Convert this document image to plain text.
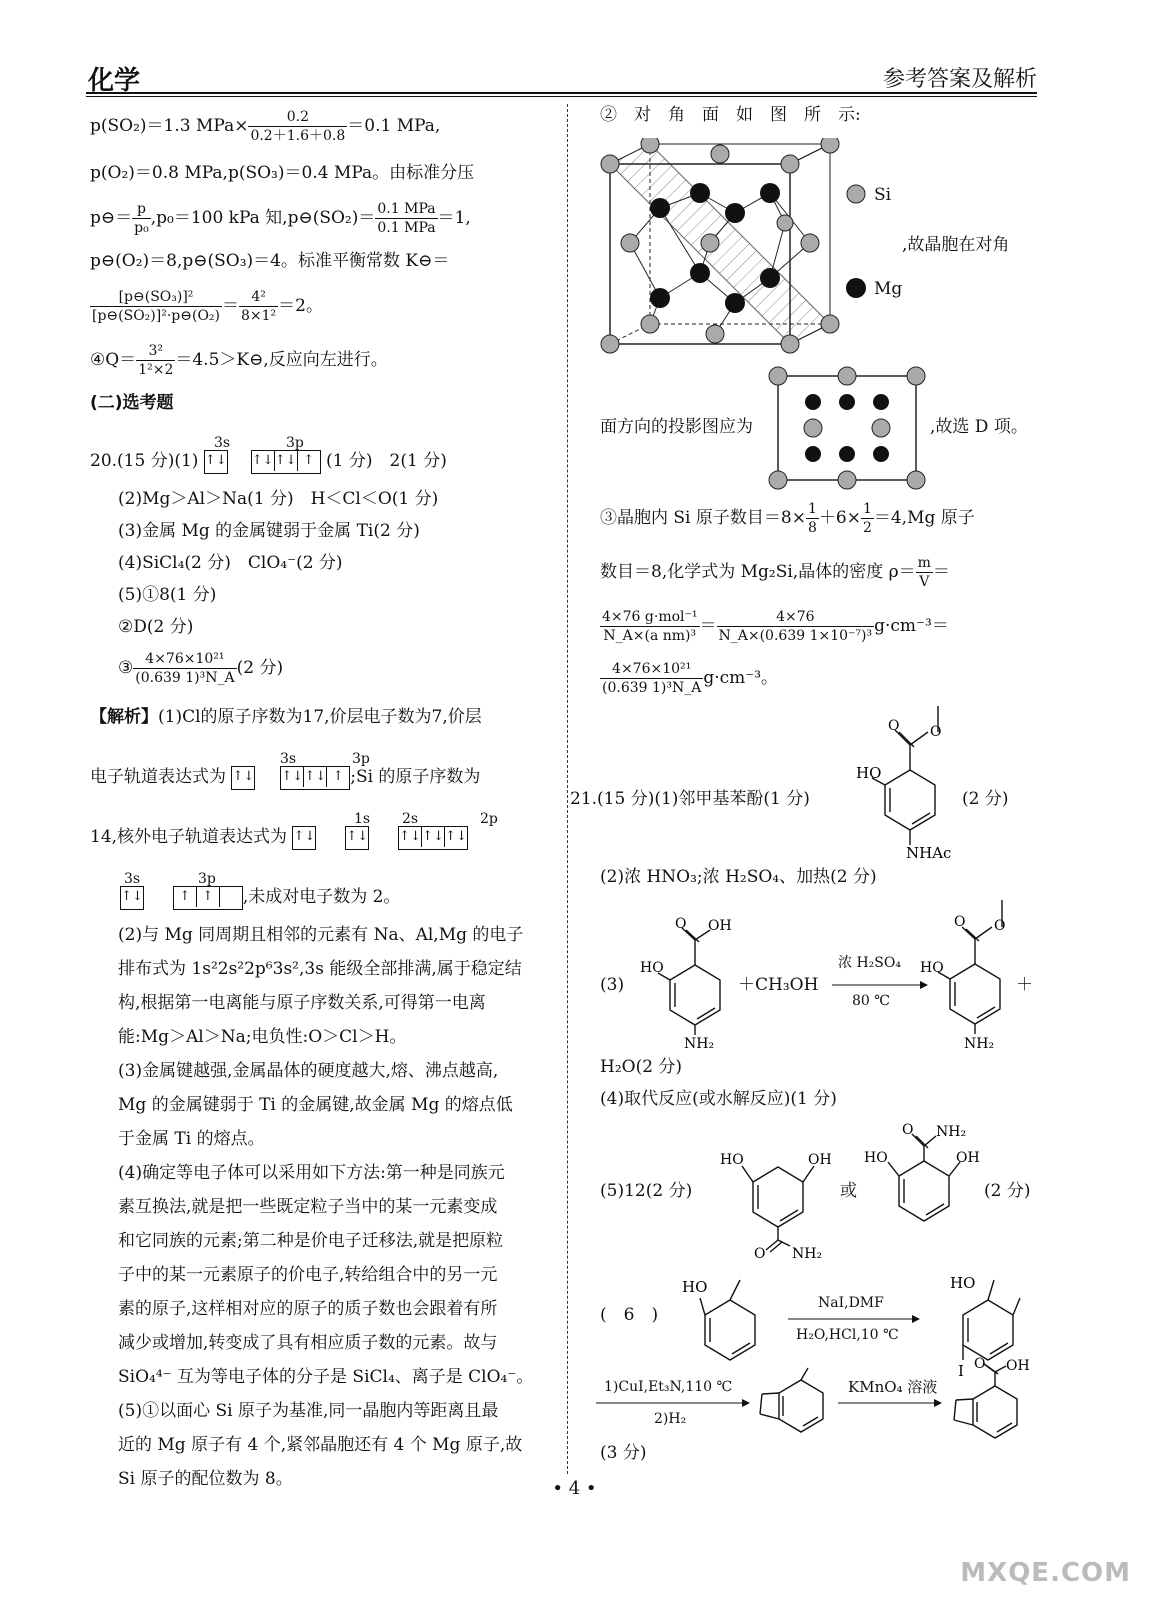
化学	参考答案及解析
p(SO₂)＝1.3 $MPa\times \frac{0.2}{0.2+1.6+0.8} =0.1$ MPa,
p(O₂)＝0.8 MPa,p(SO₃)＝0.4 MPa。由标准分压
p⊖＝ $\frac{p}{\text{p₀}} ,p_0=100$ kPa 知,p⊖(SO₂)＝ $\frac{\text{0.1 MPa}}{\text{0.1 MPa}} =1$,
p⊖(O₂)＝8,p⊖(SO₃)＝4。标准平衡常数 K⊖＝
$\frac{\text{[p⊖(SO₃)]²}}{\text{[p⊖(SO₂)]²·p⊖(O₂)}} = \frac{\text{4²}}{\text{8×1²}} =2$。
④Q＝ $\frac{\text{3²}}{\text{1²×2}}$ ＝4.5＞K⊖,反应向左进行。
(二)选考题
20.(15 分)(1) ↑↓ ↑↓↑↓ ↑ (1 分)　2(1 分)
3s	3p
(2)Mg＞Al＞Na(1 分)　H＜Cl＜O(1 分)
(3)金属 Mg 的金属键弱于金属 Ti(2 分)
(4)SiCl₄(2 分)　ClO₄⁻(2 分)
(5)①8(1 分)
②D(2 分)
③ $\frac{\text{4×76×10²¹}}{\text{(0.639 1)³N\_A}} (2$ 分)
【解析】(1)Cl的原子序数为17,价层电子数为7,价层
3s	3p
电子轨道表达式为 ↑↓ ↑↓↑↓ ↑ ;Si 的原子序数为
1s 2s	2p
14,核外电子轨道表达式为 ↑↓ ↑↓ ↑↓↑↓↑↓
3s	3p
↑↓	↑ ↑ ,未成对电子数为 2。
(2)与 Mg 同周期且相邻的元素有 Na、Al,Mg 的电子
排布式为 1s²2s²2p⁶3s²,3s 能级全部排满,属于稳定结
构,根据第一电离能与原子序数关系,可得第一电离
能:Mg＞Al＞Na;电负性:O＞Cl＞H。
(3)金属键越强,金属晶体的硬度越大,熔、沸点越高,
Mg 的金属键弱于 Ti 的金属键,故金属 Mg 的熔点低
于金属 Ti 的熔点。
(4)确定等电子体可以采用如下方法:第一种是同族元
素互换法,就是把一些既定粒子当中的某一元素变成
和它同族的元素;第二种是价电子迁移法,就是把原粒
子中的某一元素原子的价电子,转给组合中的另一元
素的原子,这样相对应的原子的质子数也会跟着有所
减少或增加,转变成了具有相应质子数的元素。故与
SiO₄⁴⁻ 互为等电子体的分子是 SiCl₄、离子是 ClO₄⁻。
(5)①以面心 Si 原子为基准,同一晶胞内等距离且最
近的 Mg 原子有 4 个,紧邻晶胞还有 4 个 Mg 原子,故
Si 原子的配位数为 8。
②　对　角　面　如　图　所　示:
Si
Mg
,故晶胞在对角
面方向的投影图应为	,故选 D 项。
③晶胞内 Si 原子数目$=8\times \frac{1}{8} +6\times \frac{1}{2} =4,Mg$ 原子
数目＝8,化学式为 Mg₂Si,晶体的密度 $\rho= \frac{m}{V}$ ＝
$\frac{\text{4×76 g·mol⁻¹}}{\text{N\_A×(a nm)³}} = \frac{4\times 76}{\text{N\_A×(0.639 1×10⁻⁷)³}} g\cdot cm^{-3}=$
$\frac{\text{4×76×10²¹}}{\text{(0.639 1)³N\_A}} g\cdot cm^{-3}$。
21.(15 分)(1)邻甲基苯酚(1 分)
O O
HO
NHAc
(2 分)
(2)浓 HNO₃;浓 H₂SO₄、加热(2 分)
(3)
O OH
HO
NH₂
＋CH₃OH
浓 H₂SO₄
80 ℃
O O
HO
NH₂
＋
H₂O(2 分)
(4)取代反应(或水解反应)(1 分)
(5)12(2 分)
HO	OH
O NH₂
或
O NH₂
HO	OH
(2 分)
(　6　)
HO
NaI,DMF
H₂O,HCl,10 ℃
HO
I
1)CuI,Et₃N,110 ℃
2)H₂
KMnO₄ 溶液
O OH
(3 分)
• 4 •
MXQE.COM
